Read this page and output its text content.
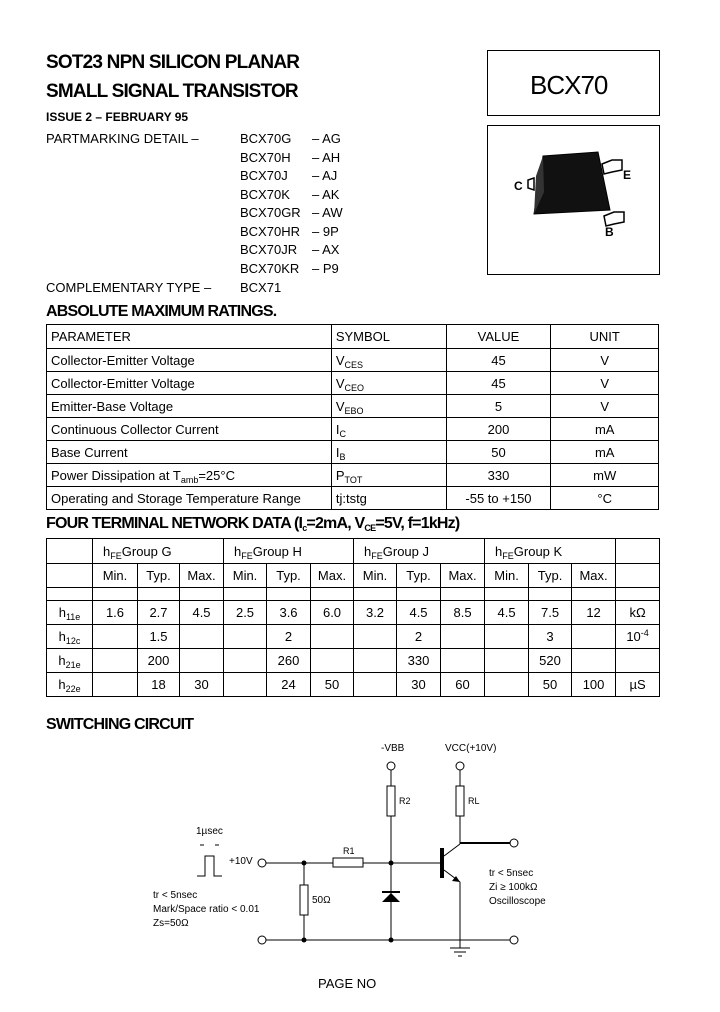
SOT23 NPN SILICON PLANAR
SMALL SIGNAL TRANSISTOR
ISSUE 2 – FEBRUARY 95
BCX70
PARTMARKING DETAIL –	BCX70G – AG
BCX70H – AH
BCX70J – AJ
BCX70K – AK
BCX70GR – AW
BCX70HR – 9P
BCX70JR – AX
BCX70KR – P9
COMPLEMENTARY TYPE – BCX71
C
E
B
ABSOLUTE MAXIMUM RATINGS.
PARAMETER	SYMBOL	VALUE	UNIT
Collector-Emitter Voltage	$V_{CES}$	45	V
Collector-Emitter Voltage	$V_{CEO}$	45	V
Emitter-Base Voltage	$V_{EBO}$	5	V
Continuous Collector Current	$I_C$	200	mA
Base Current	$I_B$	50	mA
Power Dissipation at $T_{amb}=25^\circ C$	$P_{TOT}$	330	mW
Operating and Storage Temperature Range	tj:tstg	-55 to +150	°C
FOUR TERMINAL NETWORK DATA ($I_c=2mA$, $V_{CE}=5V$, f=1kHz)
	$h_{FE}Group$ G			$h_{FE}Group$ H			$h_{FE}Group$ J			$h_{FE}Group$ K			
	Min.	Typ.	Max.	Min.	Typ.	Max.	Min.	Typ.	Max.	Min.	Typ.	Max.	

$h_{11e}$	1.6	2.7	4.5	2.5	3.6	6.0	3.2	4.5	8.5	4.5	7.5	12	kΩ
$h_{12c}$		1.5			2			2			3		$10^{-4}$
$h_{21e}$		200			260			330			520		
$h_{22e}$		18	30		24	50		30	60		50	100	µS
SWITCHING CIRCUIT
-VBB	VCC(+10V)
R2	RL
R1
1µsec
+10V
50Ω
tr < 5nsec
Mark/Space ratio < 0.01
Zs=50Ω
tr < 5nsec
Zi ≥ 100kΩ
Oscilloscope
PAGE NO
